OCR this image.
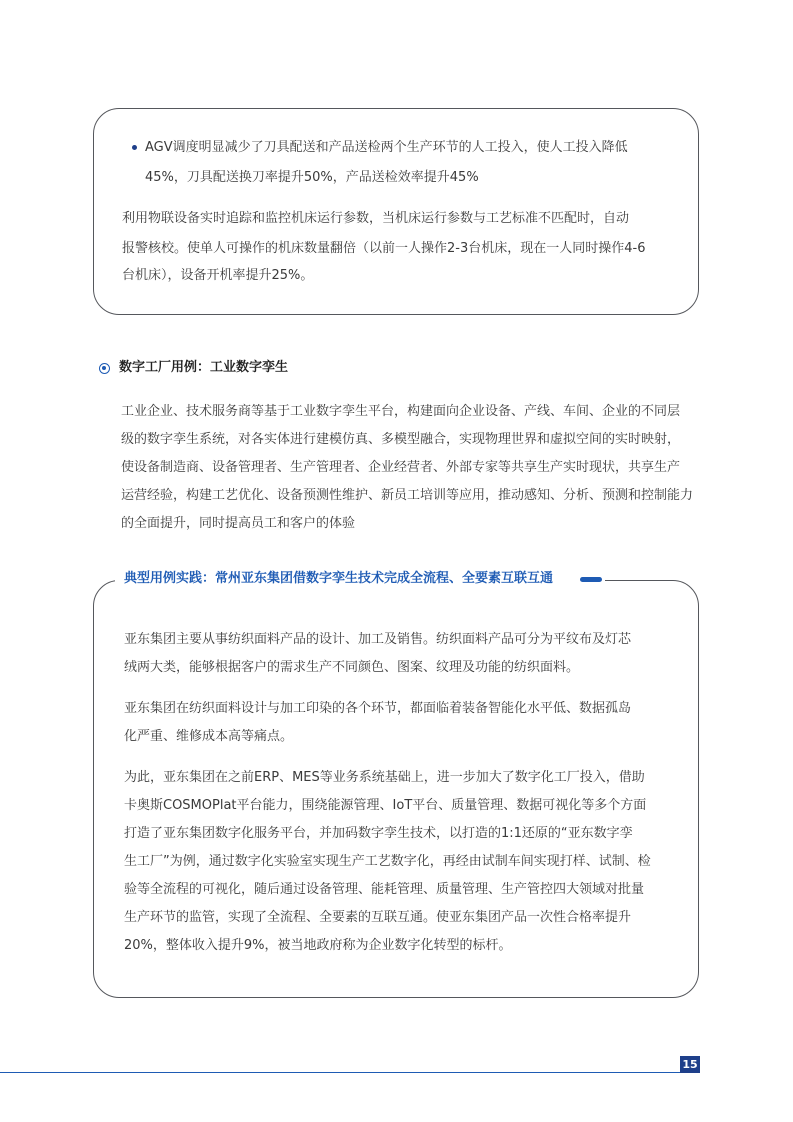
AGV调度明显减少了刀具配送和产品送检两个生产环节的人工投入，使人工投入降低
45%，刀具配送换刀率提升50%，产品送检效率提升45%
利用物联设备实时追踪和监控机床运行参数，当机床运行参数与工艺标准不匹配时，自动
报警核校。使单人可操作的机床数量翻倍（以前一人操作2-3台机床，现在一人同时操作4-6
台机床），设备开机率提升25%。
数字工厂用例：工业数字孪生
工业企业、技术服务商等基于工业数字孪生平台，构建面向企业设备、产线、车间、企业的不同层
级的数字孪生系统，对各实体进行建模仿真、多模型融合，实现物理世界和虚拟空间的实时映射，
使设备制造商、设备管理者、生产管理者、企业经营者、外部专家等共享生产实时现状，共享生产
运营经验，构建工艺优化、设备预测性维护、新员工培训等应用，推动感知、分析、预测和控制能力
的全面提升，同时提高员工和客户的体验
典型用例实践：常州亚东集团借数字孪生技术完成全流程、全要素互联互通
亚东集团主要从事纺织面料产品的设计、加工及销售。纺织面料产品可分为平纹布及灯芯
绒两大类，能够根据客户的需求生产不同颜色、图案、纹理及功能的纺织面料。
亚东集团在纺织面料设计与加工印染的各个环节，都面临着装备智能化水平低、数据孤岛
化严重、维修成本高等痛点。
为此，亚东集团在之前ERP、MES等业务系统基础上，进一步加大了数字化工厂投入，借助
卡奥斯COSMOPlat平台能力，围绕能源管理、IoT平台、质量管理、数据可视化等多个方面
打造了亚东集团数字化服务平台，并加码数字孪生技术，以打造的1:1还原的“亚东数字孪
生工厂”为例，通过数字化实验室实现生产工艺数字化，再经由试制车间实现打样、试制、检
验等全流程的可视化，随后通过设备管理、能耗管理、质量管理、生产管控四大领域对批量
生产环节的监管，实现了全流程、全要素的互联互通。使亚东集团产品一次性合格率提升
20%，整体收入提升9%，被当地政府称为企业数字化转型的标杆。
15
